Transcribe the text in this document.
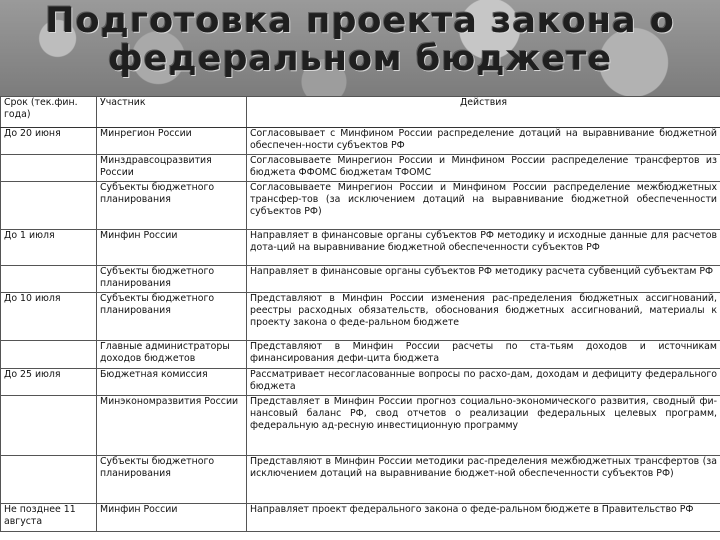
Подготовка проекта закона о
федеральном бюджете
Срок (тек.фин. года)	Участник	Действия
До 20 июня	Минрегион России	Согласовывает с Минфином России распределение дотаций на выравнивание бюджетной обеспечен-ности субъектов РФ
	Минздравсоцразвития России	Согласовываете Минрегион России и Минфином России распределение трансфертов из бюджета ФФОМС бюджетам ТФОМС
	Субъекты бюджетного планирования	Согласовываете Минрегион России и Минфином России распределение межбюджетных трансфер-тов (за исключением дотаций на выравнивание бюджетной обеспеченности субъектов РФ)
До 1 июля	Минфин России	Направляет в финансовые органы субъектов РФ методику и исходные данные для расчетов дота-ций на выравнивание бюджетной обеспеченности субъектов РФ
	Субъекты бюджетного планирования	Направляет в финансовые органы субъектов РФ методику расчета субвенций субъектам РФ
До 10 июля	Субъекты бюджетного планирования	Представляют в Минфин России изменения рас-пределения бюджетных ассигнований, реестры расходных обязательств, обоснования бюджетных ассигнований, материалы к проекту закона о феде-ральном бюджете
	Главные администраторы доходов бюджетов	Представляют в Минфин России расчеты по ста-тьям доходов и источникам финансирования дефи-цита бюджета
До 25 июля	Бюджетная комиссия	Рассматривает несогласованные вопросы по расхо-дам, доходам и дефициту федерального бюджета
	Минэкономразвития России	Представляет в Минфин России прогноз социально-экономического развития, сводный фи-нансовый баланс РФ, свод отчетов о реализации федеральных целевых программ, федеральную ад-ресную инвестиционную программу
	Субъекты бюджетного планирования	Представляют в Минфин России методики рас-пределения межбюджетных трансфертов (за исключением дотаций на выравнивание бюджет-ной обеспеченности субъектов РФ)
Не позднее 11 августа	Минфин России	Направляет проект федерального закона о феде-ральном бюджете в Правительство РФ
